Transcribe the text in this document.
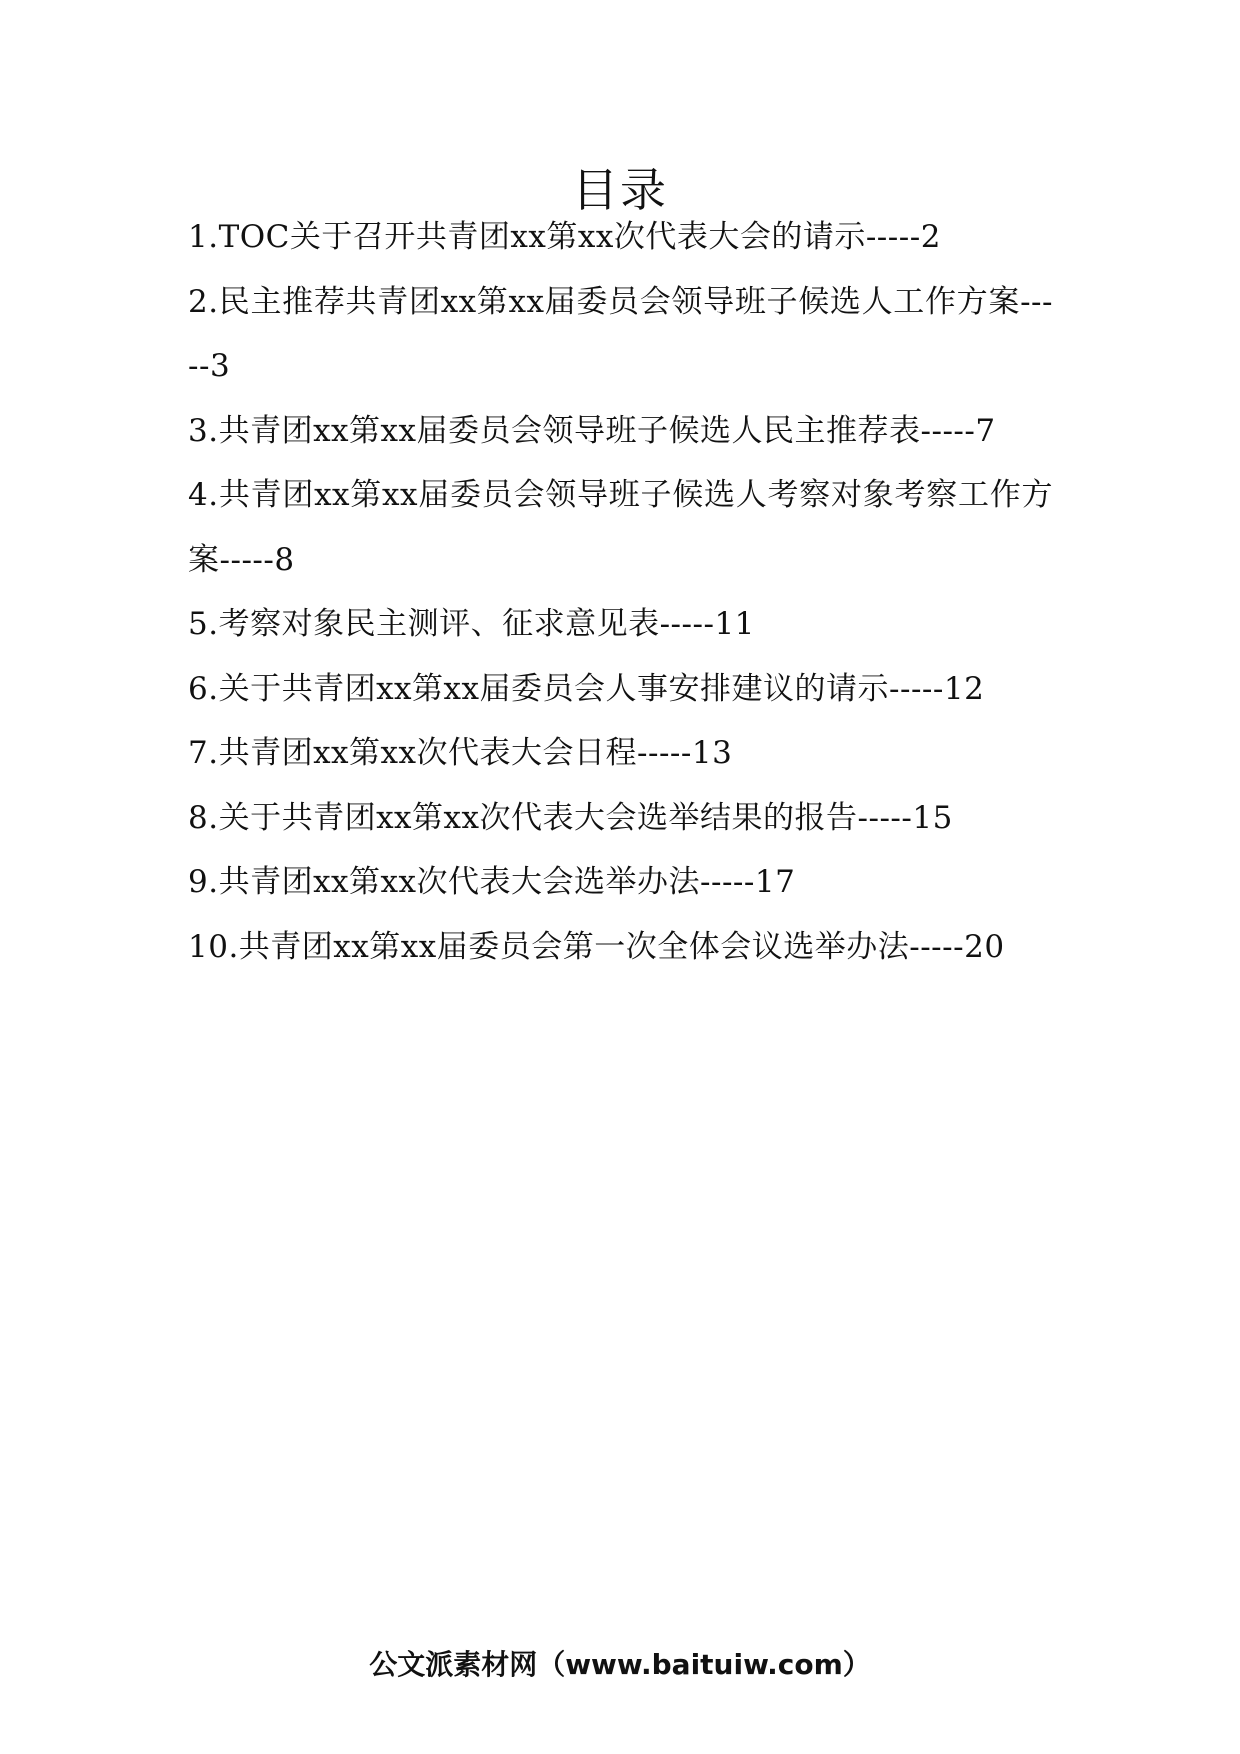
目录

1.TOC关于召开共青团xx第xx次代表大会的请示-----2

2.民主推荐共青团xx第xx届委员会领导班子候选人工作方案-----3

3.共青团xx第xx届委员会领导班子候选人民主推荐表-----7

4.共青团xx第xx届委员会领导班子候选人考察对象考察工作方案-----8

5.考察对象民主测评、征求意见表-----11

6.关于共青团xx第xx届委员会人事安排建议的请示-----12

7.共青团xx第xx次代表大会日程-----13

8.关于共青团xx第xx次代表大会选举结果的报告-----15

9.共青团xx第xx次代表大会选举办法-----17

10.共青团xx第xx届委员会第一次全体会议选举办法-----20

公文派素材网（www.baituiw.com）
